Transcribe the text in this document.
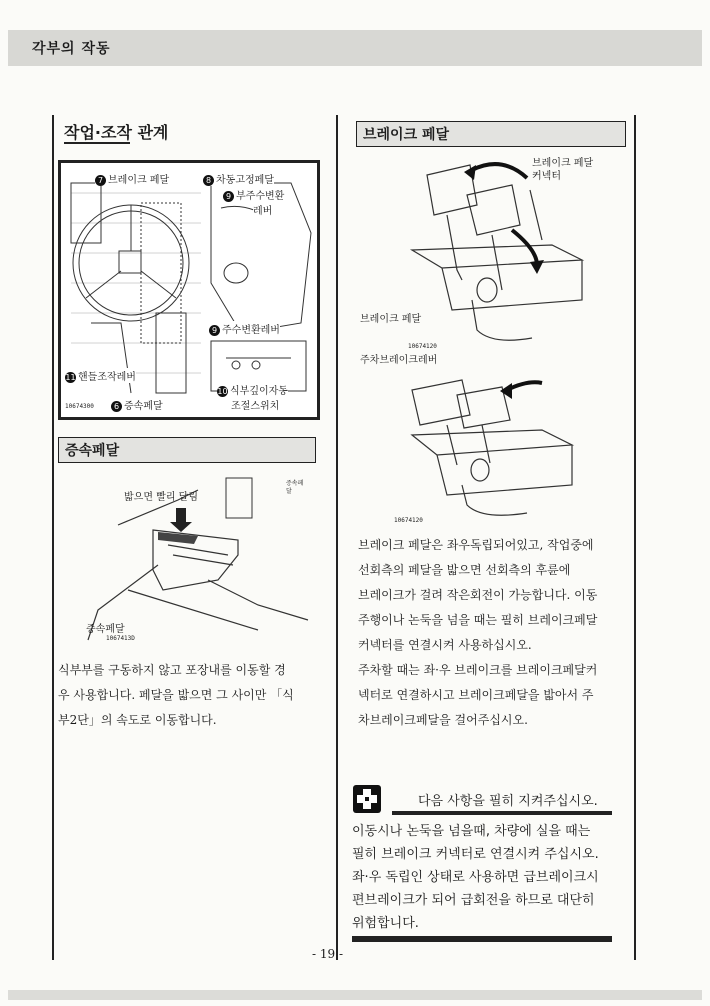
각부의 작동
작업·조작 관계
7 브레이크 페달	8 차동고정페달
9 부주수변환
레버
9 주수변환레버
11 핸들조작레버
10 식부깊이자동
6 증속페달	조절스위치
10674300
증속페달
밟으면 빨리 달림
증속페달
증속페달
1067413D
식부부를 구동하지 않고 포장내를 이동할 경
우 사용합니다. 페달을 밟으면 그 사이만 「식
부2단」의 속도로 이동합니다.
브레이크 페달
브레이크 페달
커넥터
브레이크 페달
10674120
주차브레이크레버
10674120
브레이크 페달은 좌우독립되어있고, 작업중에
선회측의 페달을 밟으면 선회측의 후륜에
브레이크가 걸려 작은회전이 가능합니다. 이동
주행이나 논둑을 넘을 때는 필히 브레이크페달
커넥터를 연결시켜 사용하십시오.
주차할 때는 좌·우 브레이크를 브레이크페달커
넥터로 연결하시고 브레이크페달을 밟아서 주
차브레이크페달을 걸어주십시오.
다음 사항을 필히 지켜주십시오.
이동시나 논둑을 넘을때, 차량에 실을 때는
필히 브레이크 커넥터로 연결시켜 주십시오.
좌·우 독립인 상태로 사용하면 급브레이크시
편브레이크가 되어 급회전을 하므로 대단히
위험합니다.
- 19 -
